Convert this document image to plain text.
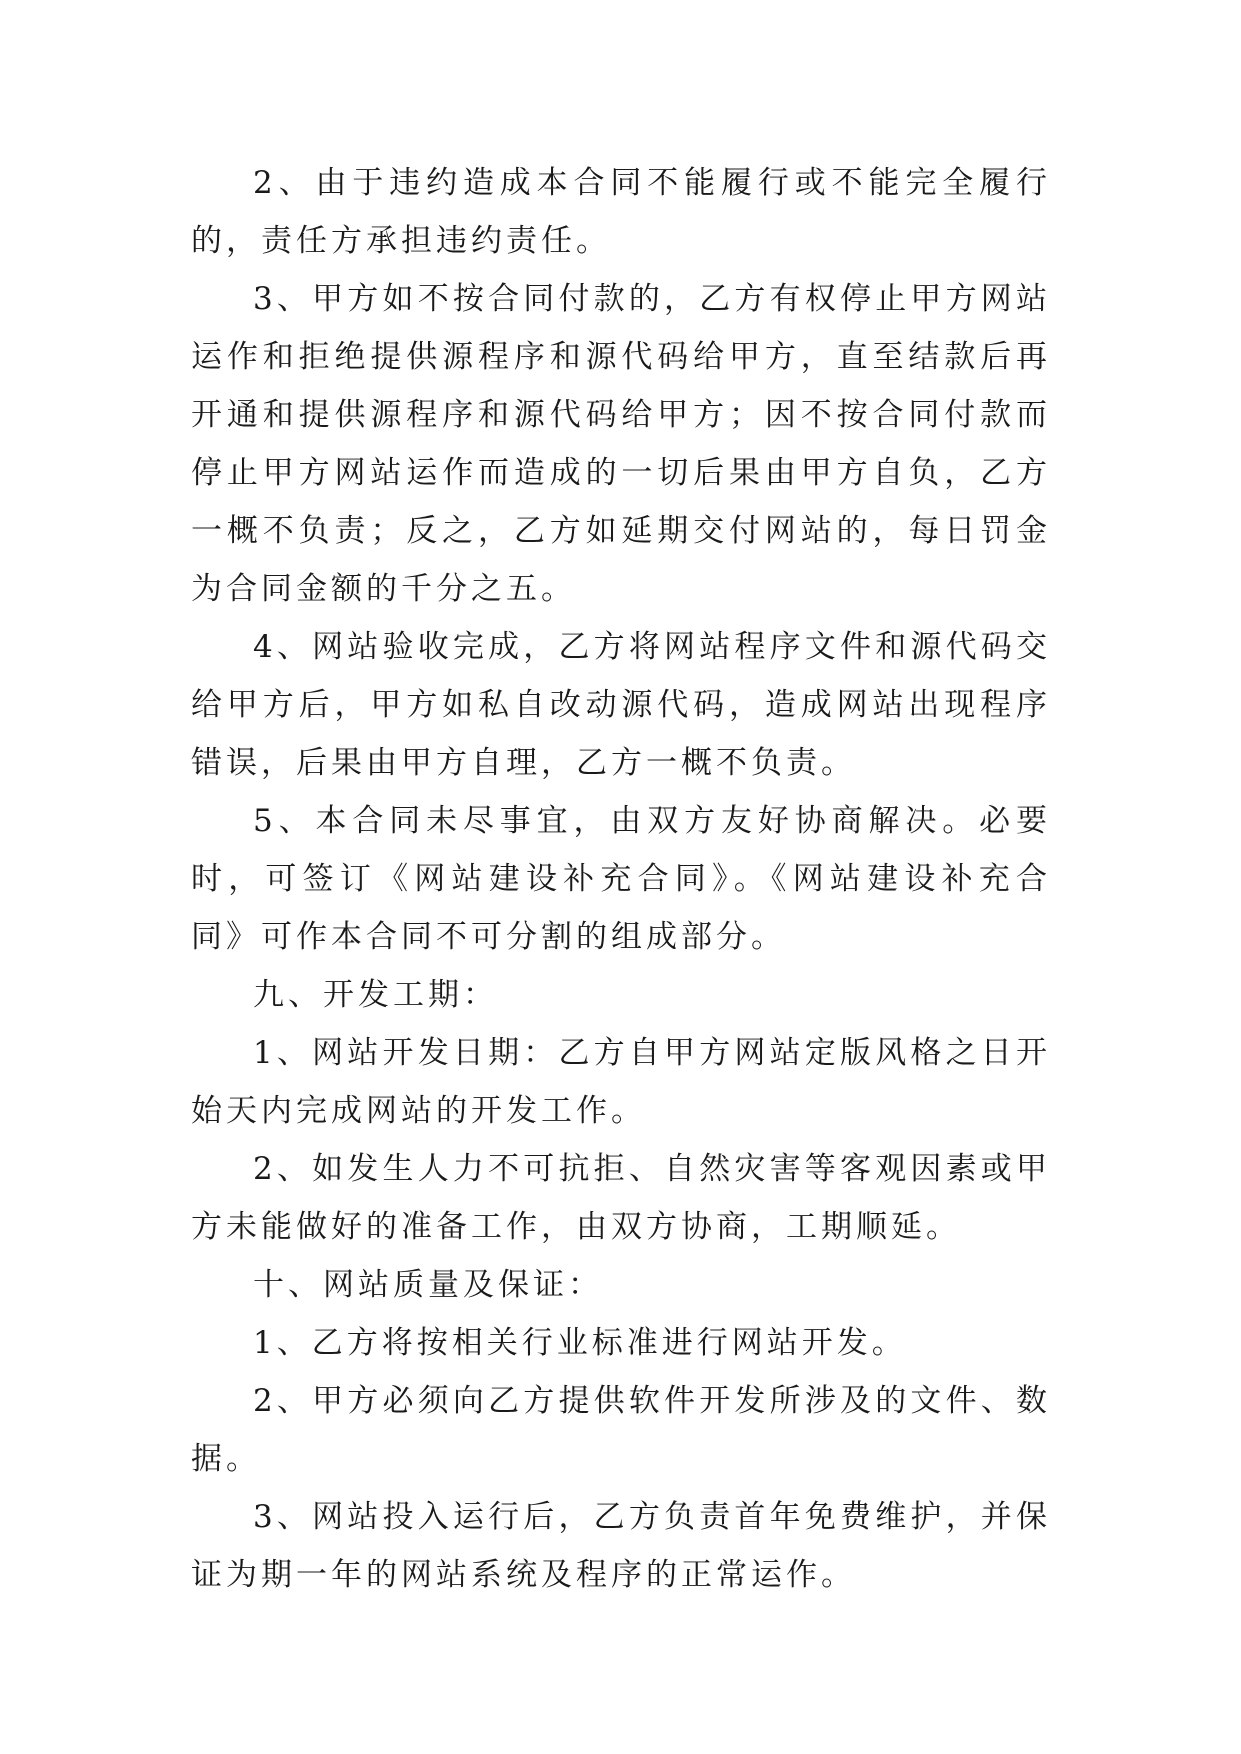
2、由于违约造成本合同不能履行或不能完全履行的，责任方承担违约责任。

3、甲方如不按合同付款的，乙方有权停止甲方网站运作和拒绝提供源程序和源代码给甲方，直至结款后再开通和提供源程序和源代码给甲方；因不按合同付款而停止甲方网站运作而造成的一切后果由甲方自负，乙方一概不负责；反之，乙方如延期交付网站的，每日罚金为合同金额的千分之五。

4、网站验收完成，乙方将网站程序文件和源代码交给甲方后，甲方如私自改动源代码，造成网站出现程序错误，后果由甲方自理，乙方一概不负责。

5、本合同未尽事宜，由双方友好协商解决。必要时，可签订《网站建设补充合同》。《网站建设补充合同》可作本合同不可分割的组成部分。

九、开发工期：

1、网站开发日期：乙方自甲方网站定版风格之日开始天内完成网站的开发工作。

2、如发生人力不可抗拒、自然灾害等客观因素或甲方未能做好的准备工作，由双方协商，工期顺延。

十、网站质量及保证：

1、乙方将按相关行业标准进行网站开发。

2、甲方必须向乙方提供软件开发所涉及的文件、数据。

3、网站投入运行后，乙方负责首年免费维护，并保证为期一年的网站系统及程序的正常运作。
